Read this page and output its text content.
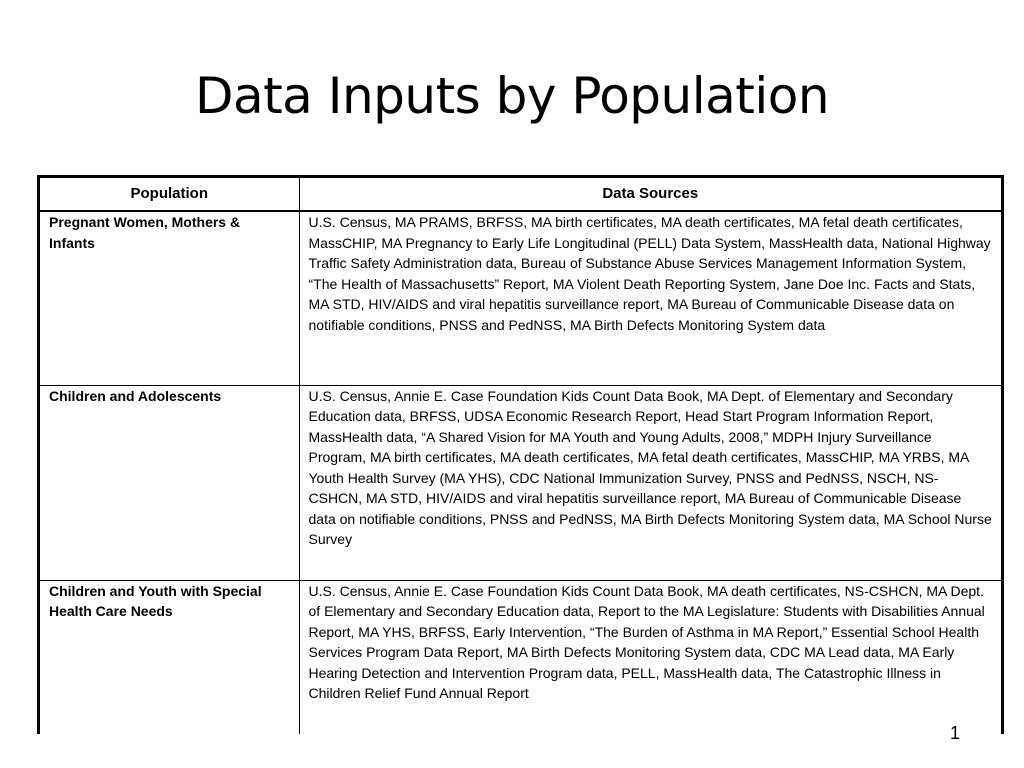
Data Inputs by Population
Population	Data Sources
Pregnant Women, Mothers & Infants	U.S. Census, MA PRAMS, BRFSS, MA birth certificates, MA death certificates, MA fetal death certificates, MassCHIP, MA Pregnancy to Early Life Longitudinal (PELL) Data System, MassHealth data, National Highway Traffic Safety Administration data, Bureau of Substance Abuse Services Management Information System, “The Health of Massachusetts” Report, MA Violent Death Reporting System, Jane Doe Inc. Facts and Stats, MA STD, HIV/AIDS and viral hepatitis surveillance report, MA Bureau of Communicable Disease data on notifiable conditions, PNSS and PedNSS, MA Birth Defects Monitoring System data
Children and Adolescents	U.S. Census, Annie E. Case Foundation Kids Count Data Book, MA Dept. of Elementary and Secondary Education data, BRFSS, UDSA Economic Research Report, Head Start Program Information Report, MassHealth data, “A Shared Vision for MA Youth and Young Adults, 2008,” MDPH Injury Surveillance Program, MA birth certificates, MA death certificates, MA fetal death certificates, MassCHIP, MA YRBS, MA Youth Health Survey (MA YHS), CDC National Immunization Survey, PNSS and PedNSS, NSCH, NS-CSHCN, MA STD, HIV/AIDS and viral hepatitis surveillance report, MA Bureau of Communicable Disease data on notifiable conditions, PNSS and PedNSS, MA Birth Defects Monitoring System data, MA School Nurse Survey
Children and Youth with Special Health Care Needs	U.S. Census, Annie E. Case Foundation Kids Count Data Book, MA death certificates, NS-CSHCN, MA Dept. of Elementary and Secondary Education data, Report to the MA Legislature: Students with Disabilities Annual Report, MA YHS, BRFSS, Early Intervention, “The Burden of Asthma in MA Report,” Essential School Health Services Program Data Report, MA Birth Defects Monitoring System data, CDC MA Lead data, MA Early Hearing Detection and Intervention Program data, PELL, MassHealth data, The Catastrophic Illness in Children Relief Fund Annual Report
1
